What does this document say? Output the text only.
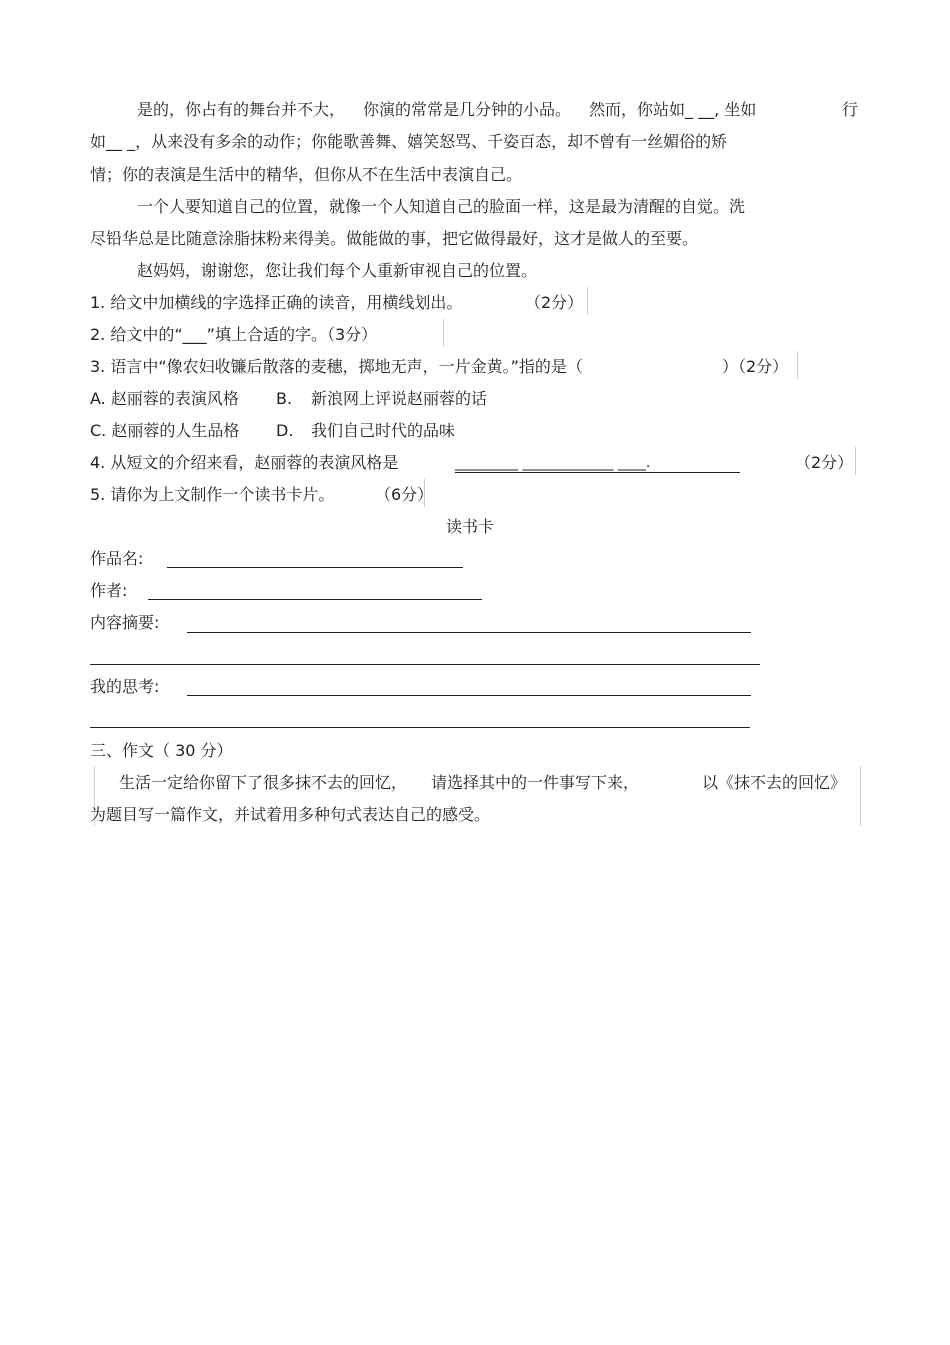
是的，你占有的舞台并不大， 你演的常常是几分钟的小品。 然而，你站如_ __, 坐如	行
如__ _，从来没有多余的动作；你能歌善舞、嬉笑怒骂、千姿百态，却不曾有一丝媚俗的矫
情；你的表演是生活中的精华，但你从不在生活中表演自己。
一个人要知道自己的位置，就像一个人知道自己的脸面一样，这是最为清醒的自觉。洗
尽铅华总是比随意涂脂抹粉来得美。做能做的事，把它做得最好，这才是做人的至要。
赵妈妈，谢谢您，您让我们每个人重新审视自己的位置。
1. 给文中加横线的字选择正确的读音，用横线划出。	（2分）
2. 给文中的“___”填上合适的字。（3分）
3. 语言中“像农妇收镰后散落的麦穗，掷地无声，一片金黄。”指的是（	）（2分）
A. 赵丽蓉的表演风格 B. 新浪网上评说赵丽蓉的话
C. 赵丽蓉的人生品格 D. 我们自己时代的品味
4. 从短文的介绍来看，赵丽蓉的表演风格是	_________ _____________ ____.	（2分）
5. 请你为上文制作一个读书卡片。	（6分）
读书卡
作品名:
作者:
内容摘要:
我的思考:
三、作文（ 30 分）
生活一定给你留下了很多抹不去的回忆， 请选择其中的一件事写下来，	以《抹不去的回忆》
为题目写一篇作文，并试着用多种句式表达自己的感受。
